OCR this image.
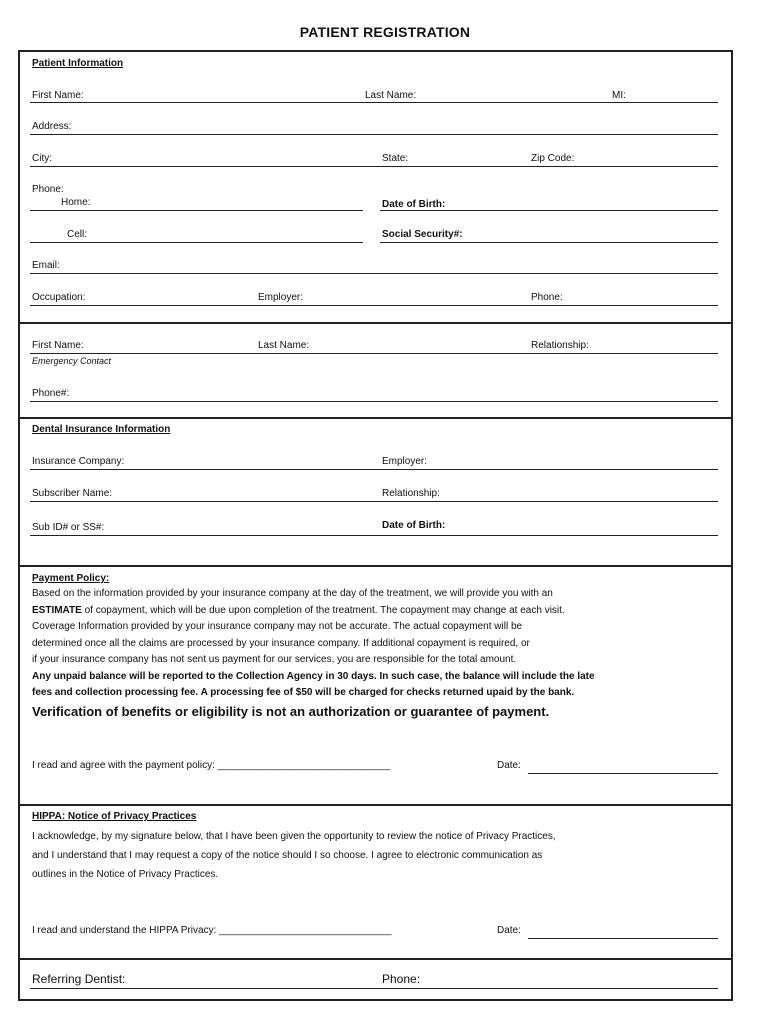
PATIENT REGISTRATION
Patient Information
First Name:	Last Name:	MI:
Address:
City:	State:	Zip Code:
Phone:
Home:	Date of Birth:
Cell:	Social Security#:
Email:
Occupation:	Employer:	Phone:
First Name:	Last Name:	Relationship:
Emergency Contact
Phone#:
Dental Insurance Information
Insurance Company:	Employer:
Subscriber Name:	Relationship:
Sub ID# or SS#:	Date of Birth:
Payment Policy:
Based on the information provided by your insurance company at the day of the treatment, we will provide you with an
ESTIMATE of copayment, which will be due upon completion of the treatment. The copayment may change at each visit.
Coverage Information provided by your insurance company may not be accurate. The actual copayment will be
determined once all the claims are processed by your insurance company. If additional copayment is required, or
if your insurance company has not sent us payment for our services, you are responsible for the total amount.
Any unpaid balance will be reported to the Collection Agency in 30 days. In such case, the balance will include the late
fees and collection processing fee. A processing fee of $50 will be charged for checks returned upaid by the bank.
Verification of benefits or eligibility is not an authorization or guarantee of payment.
I read and agree with the payment policy: _______________________________	Date:
HIPPA: Notice of Privacy Practices
I acknowledge, by my signature below, that I have been given the opportunity to review the notice of Privacy Practices,
and I understand that I may request a copy of the notice should I so choose. I agree to electronic communication as
outlines in the Notice of Privacy Practices.
I read and understand the HIPPA Privacy: _______________________________	Date:
Referring Dentist:	Phone:
